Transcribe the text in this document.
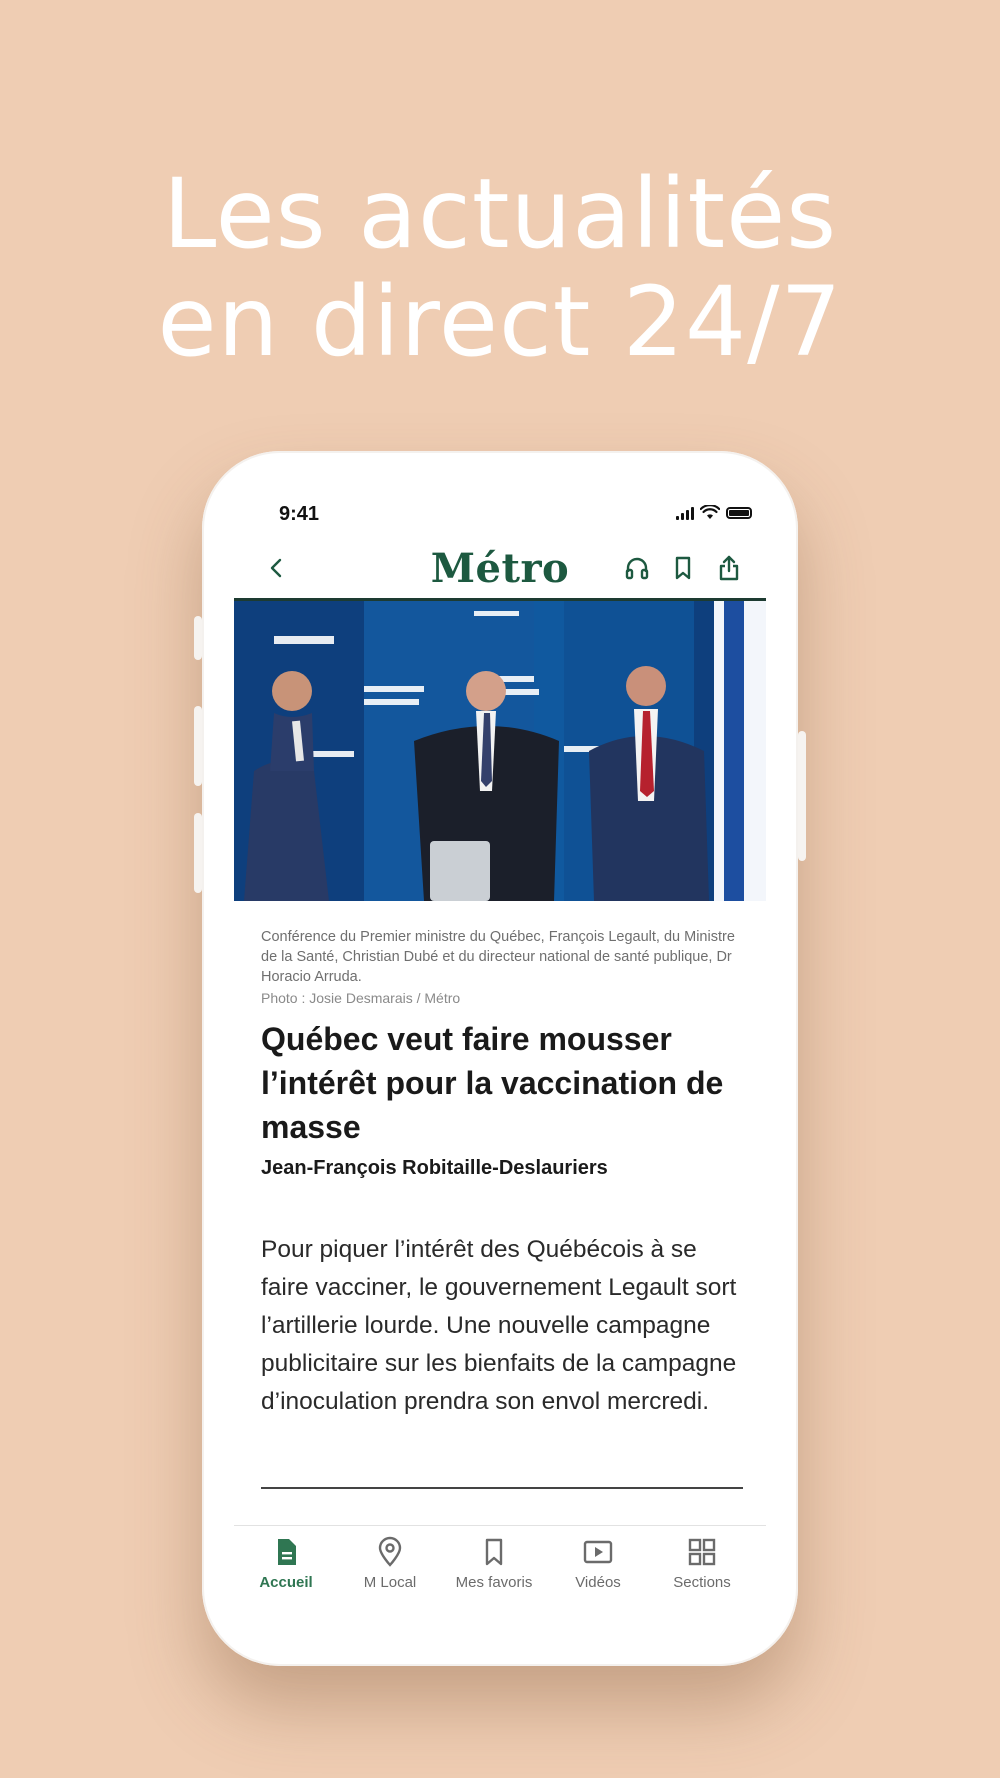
Les actualités
en direct 24/7
9:41
Métro
Conférence du Premier ministre du Québec, François Legault, du Ministre de la Santé, Christian Dubé et du directeur national de santé publique, Dr Horacio Arruda.
Photo : Josie Desmarais / Métro
Québec veut faire mousser l’intérêt pour la vaccination de masse
Jean-François Robitaille-Deslauriers
Pour piquer l’intérêt des Québécois à se faire vacciner, le gouvernement Legault sort l’artillerie lourde. Une nouvelle campagne publicitaire sur les bienfaits de la campagne d’inoculation prendra son envol mercredi.
Accueil	M Local	Mes favoris	Vidéos	Sections
